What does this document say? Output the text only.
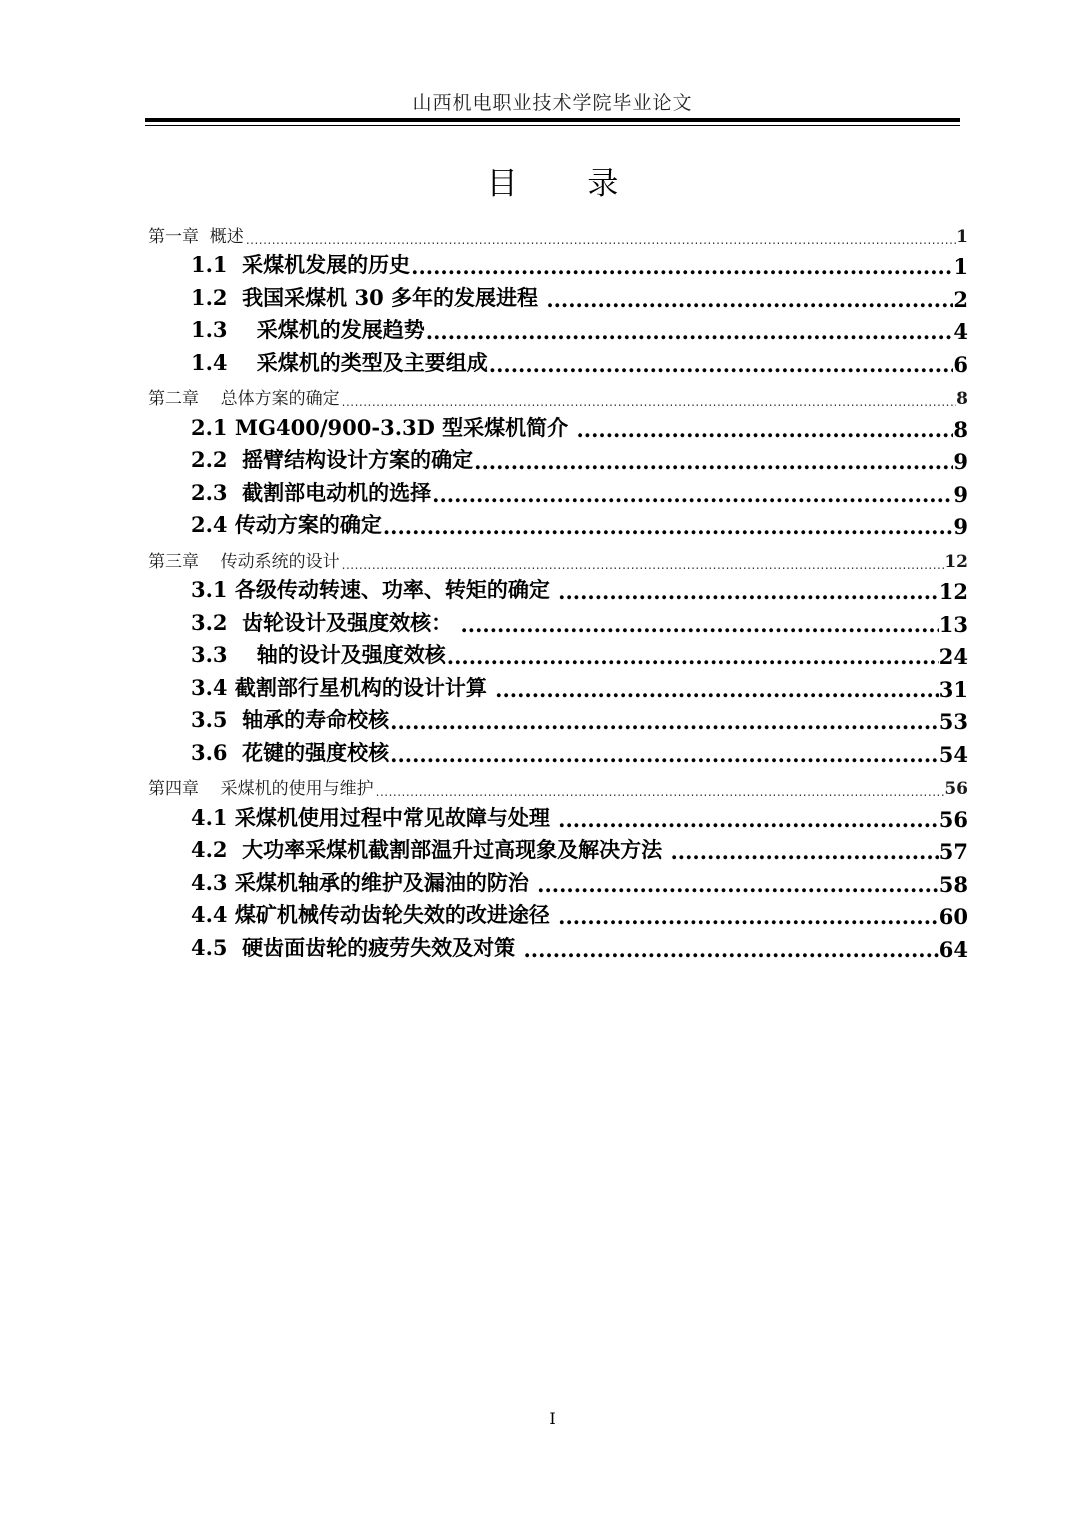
山西机电职业技术学院毕业论文
目 录
第一章  概述 .....	1
1.1  采煤机发展的历史 .....	1
1.2  我国采煤机 30 多年的发展进程 .....	2
1.3    采煤机的发展趋势 .....	4
1.4    采煤机的类型及主要组成 .....	6
第二章    总体方案的确定 .....	8
2.1 MG400/900-3.3D 型采煤机简介 .....	8
2.2  摇臂结构设计方案的确定 .....	9
2.3  截割部电动机的选择 .....	9
2.4 传动方案的确定 .....	9
第三章    传动系统的设计 .....	12
3.1 各级传动转速、功率、转矩的确定 .....	12
3.2  齿轮设计及强度效核： .....	13
3.3    轴的设计及强度效核 .....	24
3.4 截割部行星机构的设计计算 .....	31
3.5  轴承的寿命校核 .....	53
3.6  花键的强度校核 .....	54
第四章    采煤机的使用与维护 .....	56
4.1 采煤机使用过程中常见故障与处理 .....	56
4.2  大功率采煤机截割部温升过高现象及解决方法 .....	57
4.3 采煤机轴承的维护及漏油的防治 .....	58
4.4 煤矿机械传动齿轮失效的改进途径 .....	60
4.5  硬齿面齿轮的疲劳失效及对策 .....	64
I
